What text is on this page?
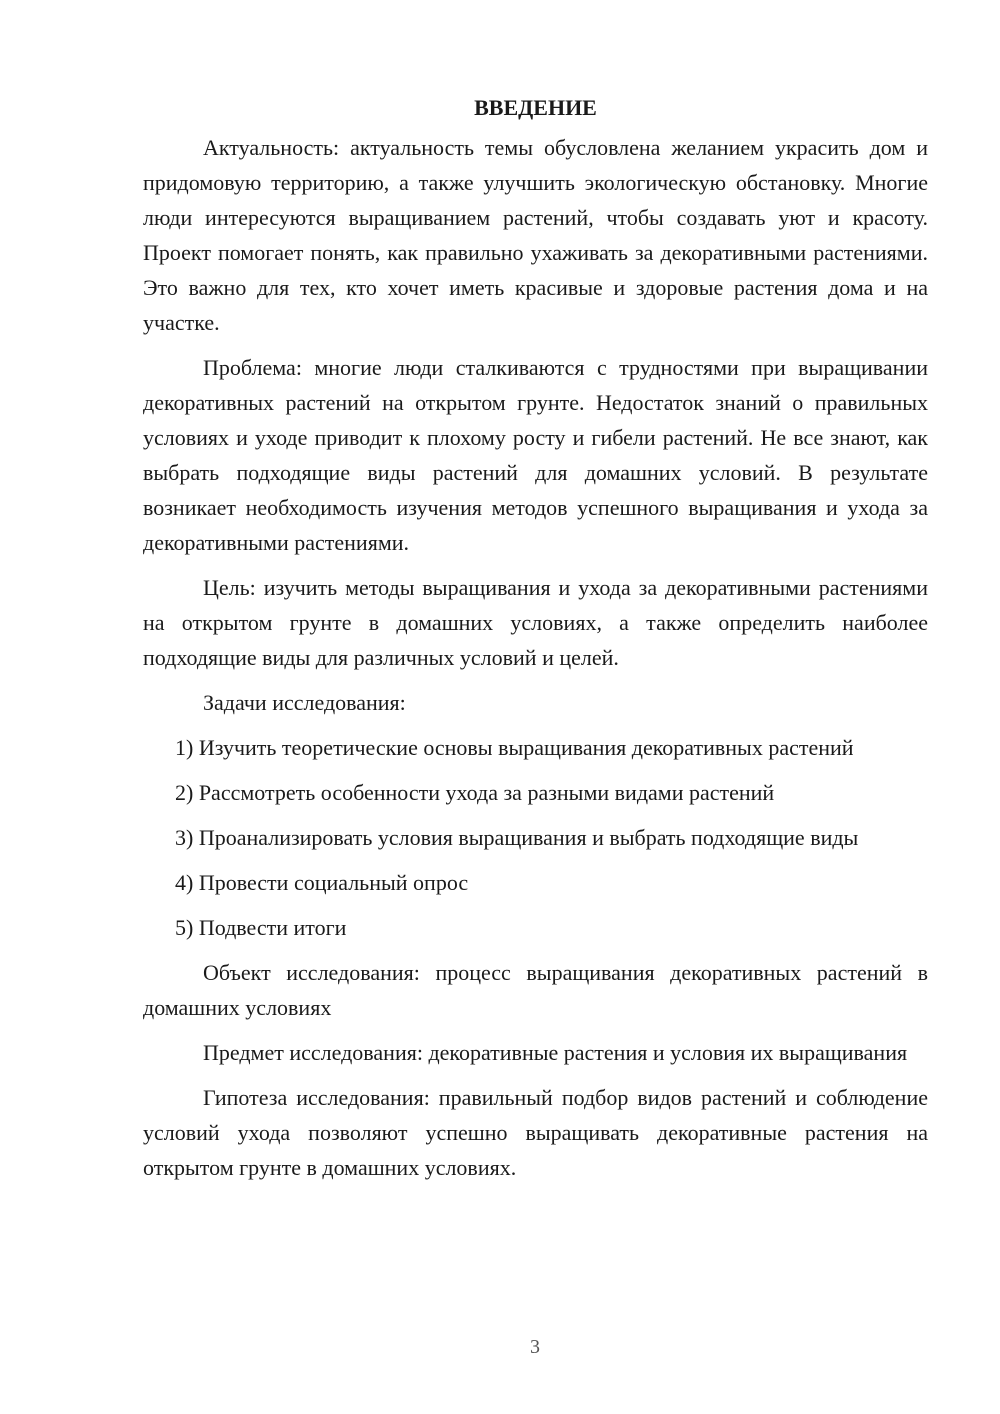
ВВЕДЕНИЕ

Актуальность: актуальность темы обусловлена желанием украсить дом и придомовую территорию, а также улучшить экологическую обстановку. Многие люди интересуются выращиванием растений, чтобы создавать уют и красоту. Проект помогает понять, как правильно ухаживать за декоративными растениями. Это важно для тех, кто хочет иметь красивые и здоровые растения дома и на участке.

Проблема: многие люди сталкиваются с трудностями при выращивании декоративных растений на открытом грунте. Недостаток знаний о правильных условиях и уходе приводит к плохому росту и гибели растений. Не все знают, как выбрать подходящие виды растений для домашних условий. В результате возникает необходимость изучения методов успешного выращивания и ухода за декоративными растениями.

Цель: изучить методы выращивания и ухода за декоративными растениями на открытом грунте в домашних условиях, а также определить наиболее подходящие виды для различных условий и целей.

Задачи исследования:

1) Изучить теоретические основы выращивания декоративных растений

2) Рассмотреть особенности ухода за разными видами растений

3) Проанализировать условия выращивания и выбрать подходящие виды

4) Провести социальный опрос

5) Подвести итоги

Объект исследования: процесс выращивания декоративных растений в домашних условиях

Предмет исследования: декоративные растения и условия их выращивания

Гипотеза исследования: правильный подбор видов растений и соблюдение условий ухода позволяют успешно выращивать декоративные растения на открытом грунте в домашних условиях.

3
